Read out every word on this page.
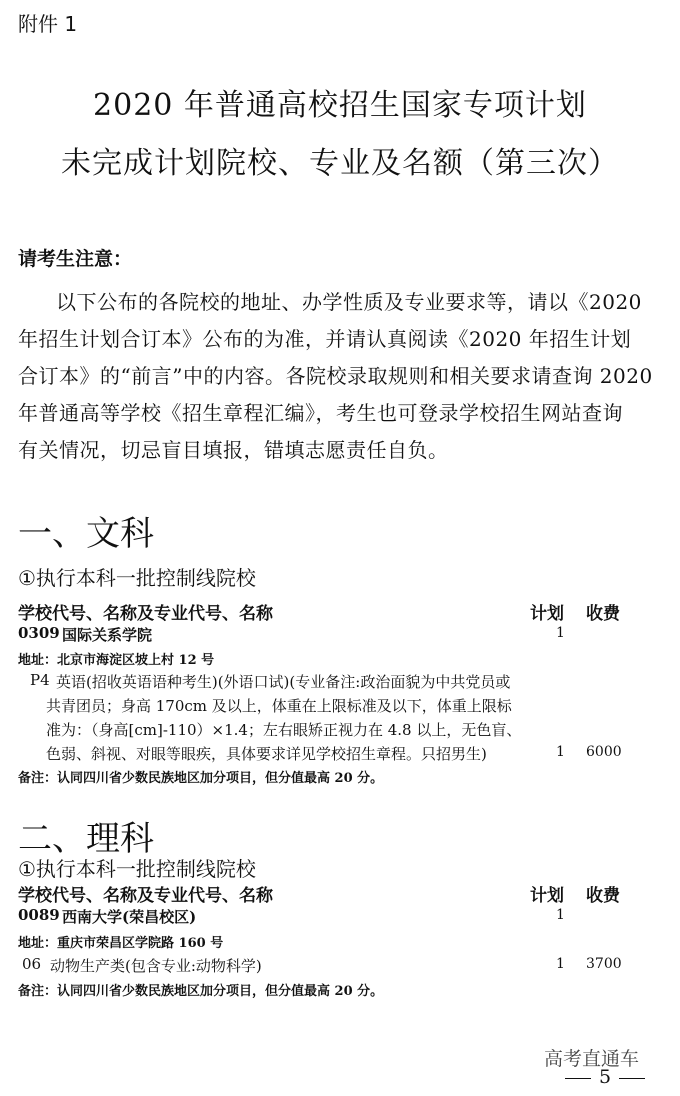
附件 1
2020 年普通高校招生国家专项计划
未完成计划院校、专业及名额（第三次）
请考生注意：
以下公布的各院校的地址、办学性质及专业要求等，请以《2020
年招生计划合订本》公布的为准，并请认真阅读《2020 年招生计划
合订本》的“前言”中的内容。各院校录取规则和相关要求请查询 2020
年普通高等学校《招生章程汇编》，考生也可登录学校招生网站查询
有关情况，切忌盲目填报，错填志愿责任自负。
一、文科
①执行本科一批控制线院校
学校代号、名称及专业代号、名称	计划 收费
0309 国际关系学院	1
地址：北京市海淀区坡上村 12 号
P4 英语(招收英语语种考生)(外语口试)(专业备注:政治面貌为中共党员或
共青团员；身高 170cm 及以上，体重在上限标准及以下，体重上限标
准为：（身高[cm]-110）×1.4；左右眼矫正视力在 4.8 以上，无色盲、
色弱、斜视、对眼等眼疾，具体要求详见学校招生章程。只招男生)	1 6000
备注：认同四川省少数民族地区加分项目，但分值最高 20 分。
二、理科
①执行本科一批控制线院校
学校代号、名称及专业代号、名称	计划 收费
0089 西南大学(荣昌校区)	1
地址：重庆市荣昌区学院路 160 号
06 动物生产类(包含专业:动物科学)	1 3700
备注：认同四川省少数民族地区加分项目，但分值最高 20 分。
高考直通车
5
